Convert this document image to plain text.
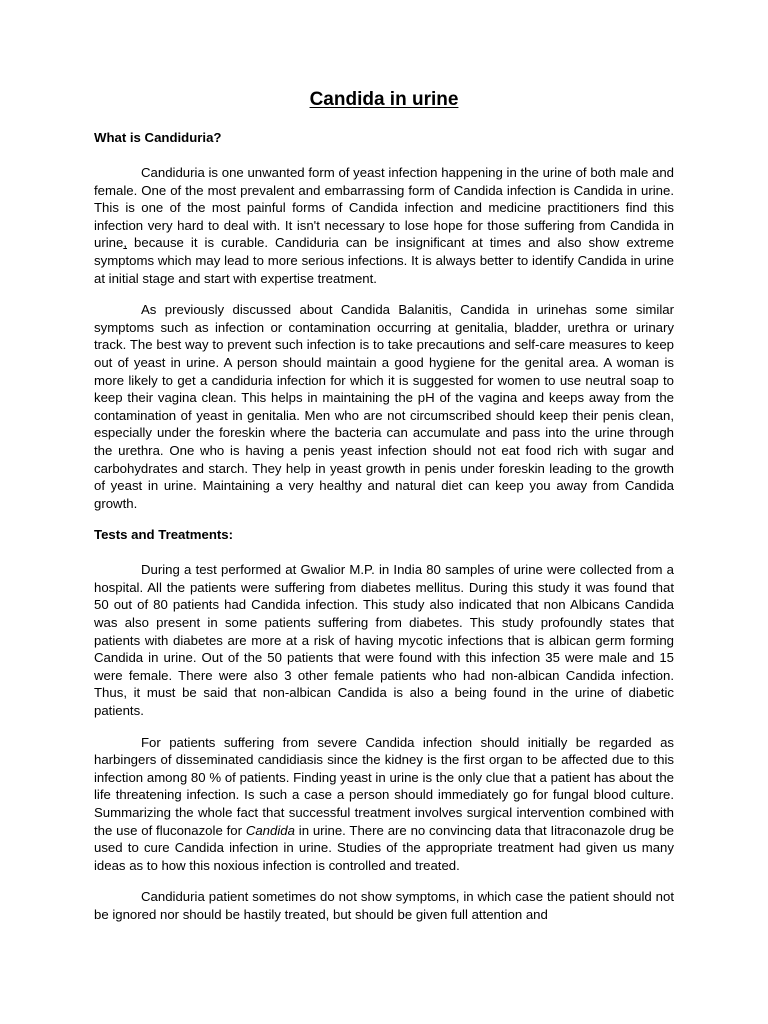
Candida in urine
What is Candiduria?

Candiduria is one unwanted form of yeast infection happening in the urine of both male and female. One of the most prevalent and embarrassing form of Candida infection is Candida in urine. This is one of the most painful forms of Candida infection and medicine practitioners find this infection very hard to deal with. It isn't necessary to lose hope for those suffering from Candida in urine, because it is curable. Candiduria can be insignificant at times and also show extreme symptoms which may lead to more serious infections. It is always better to identify Candida in urine at initial stage and start with expertise treatment.

As previously discussed about Candida Balanitis, Candida in urinehas some similar symptoms such as infection or contamination occurring at genitalia, bladder, urethra or urinary track. The best way to prevent such infection is to take precautions and self-care measures to keep out of yeast in urine. A person should maintain a good hygiene for the genital area. A woman is more likely to get a candiduria infection for which it is suggested for women to use neutral soap to keep their vagina clean. This helps in maintaining the pH of the vagina and keeps away from the contamination of yeast in genitalia. Men who are not circumscribed should keep their penis clean, especially under the foreskin where the bacteria can accumulate and pass into the urine through the urethra. One who is having a penis yeast infection should not eat food rich with sugar and carbohydrates and starch. They help in yeast growth in penis under foreskin leading to the growth of yeast in urine. Maintaining a very healthy and natural diet can keep you away from Candida growth.

Tests and Treatments:

During a test performed at Gwalior M.P. in India 80 samples of urine were collected from a hospital. All the patients were suffering from diabetes mellitus. During this study it was found that 50 out of 80 patients had Candida infection. This study also indicated that non Albicans Candida was also present in some patients suffering from diabetes. This study profoundly states that patients with diabetes are more at a risk of having mycotic infections that is albican germ forming Candida in urine. Out of the 50 patients that were found with this infection 35 were male and 15 were female. There were also 3 other female patients who had non-albican Candida infection. Thus, it must be said that non-albican Candida is also a being found in the urine of diabetic patients.

For patients suffering from severe Candida infection should initially be regarded as harbingers of disseminated candidiasis since the kidney is the first organ to be affected due to this infection among 80 % of patients. Finding yeast in urine is the only clue that a patient has about the life threatening infection. Is such a case a person should immediately go for fungal blood culture. Summarizing the whole fact that successful treatment involves surgical intervention combined with the use of fluconazole for Candida in urine. There are no convincing data that Iitraconazole drug be used to cure Candida infection in urine. Studies of the appropriate treatment had given us many ideas as to how this noxious infection is controlled and treated.

Candiduria patient sometimes do not show symptoms, in which case the patient should not be ignored nor should be hastily treated, but should be given full attention and
